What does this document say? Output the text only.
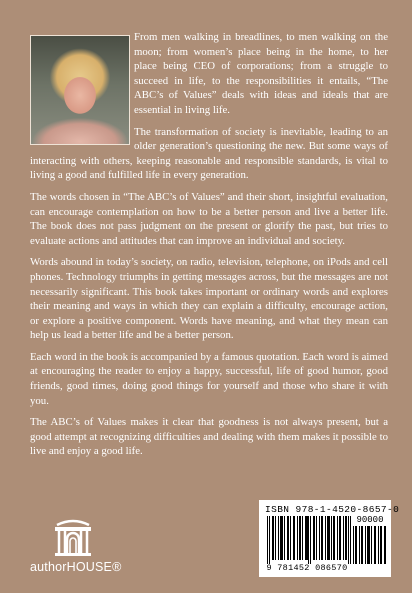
From men walking in breadlines, to men walking on the moon; from women’s place being in the home, to her place being CEO of corporations; from a struggle to succeed in life, to the responsibilities it entails, “The ABC’s of Values” deals with ideas and ideals that are essential in living life.

The transformation of society is inevitable, leading to an older generation’s questioning the new. But some ways of interacting with others, keeping reasonable and responsible standards, is vital to living a good and fulfilled life in every generation.

The words chosen in “The ABC’s of Values” and their short, insightful evaluation, can encourage contemplation on how to be a better person and live a better life. The book does not pass judgment on the present or glorify the past, but tries to evaluate actions and attitudes that can improve an individual and society.

Words abound in today’s society, on radio, television, telephone, on iPods and cell phones. Technology triumphs in getting messages across, but the messages are not necessarily significant. This book takes important or ordinary words and explores their meaning and ways in which they can explain a difficulty, encourage action, or explore a positive component. Words have meaning, and what they mean can help us lead a better life and be a better person.

Each word in the book is accompanied by a famous quotation. Each word is aimed at encouraging the reader to enjoy a happy, successful, life of good humor, good friends, good times, doing good things for yourself and those who share it with you.

The ABC’s of Values makes it clear that goodness is not always present, but a good attempt at recognizing difficulties and dealing with them makes it possible to live and enjoy a good life.

authorHOUSE®
ISBN 978-1-4520-8657-0
90000
9 781452 086570
